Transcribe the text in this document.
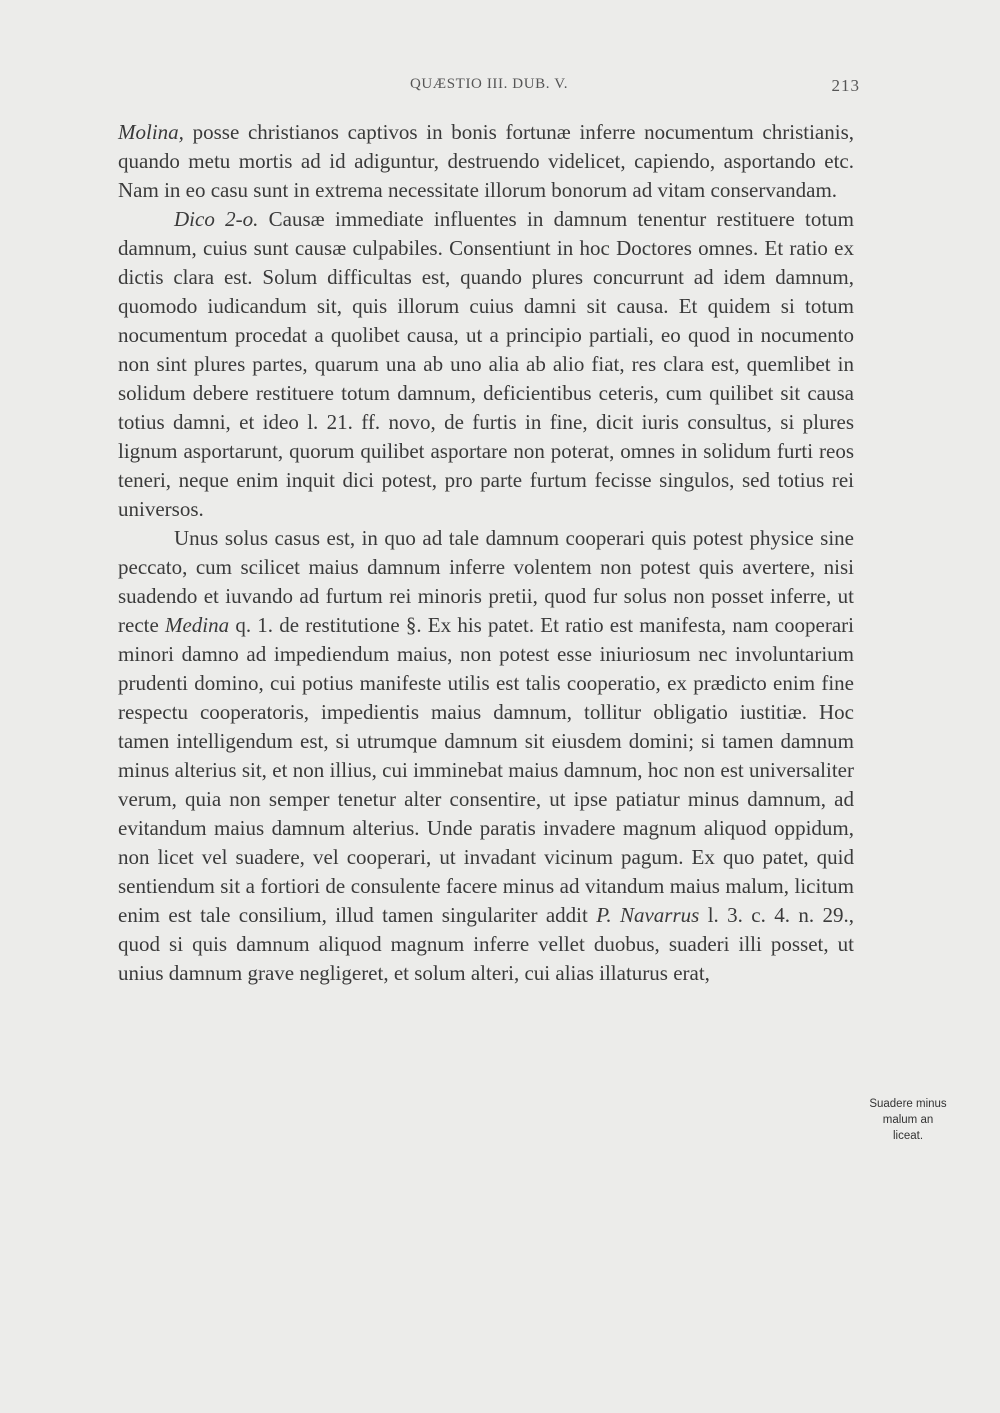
QUÆSTIO III. DUB. V.	213

Molina, posse christianos captivos in bonis fortunæ inferre nocumentum christianis, quando metu mortis ad id adiguntur, destruendo videlicet, capiendo, asportando etc. Nam in eo casu sunt in extrema necessitate illorum bonorum ad vitam conservandam.

Dico 2-o. Causæ immediate influentes in damnum tenentur restituere totum damnum, cuius sunt causæ culpabiles. Consentiunt in hoc Doctores omnes. Et ratio ex dictis clara est. Solum difficultas est, quando plures concurrunt ad idem damnum, quomodo iudicandum sit, quis illorum cuius damni sit causa. Et quidem si totum nocumentum procedat a quolibet causa, ut a principio partiali, eo quod in nocumento non sint plures partes, quarum una ab uno alia ab alio fiat, res clara est, quemlibet in solidum debere restituere totum damnum, deficientibus ceteris, cum quilibet sit causa totius damni, et ideo l. 21. ff. novo, de furtis in fine, dicit iuris consultus, si plures lignum asportarunt, quorum quilibet asportare non poterat, omnes in solidum furti reos teneri, neque enim inquit dici potest, pro parte furtum fecisse singulos, sed totius rei universos.

Unus solus casus est, in quo ad tale damnum cooperari quis potest physice sine peccato, cum scilicet maius damnum inferre volentem non potest quis avertere, nisi suadendo et iuvando ad furtum rei minoris pretii, quod fur solus non posset inferre, ut recte Medina q. 1. de restitutione §. Ex his patet. Et ratio est manifesta, nam cooperari minori damno ad impediendum maius, non potest esse iniuriosum nec involuntarium prudenti domino, cui potius manifeste utilis est talis cooperatio, ex prædicto enim fine respectu cooperatoris, impedientis maius damnum, tollitur obligatio iustitiæ. Hoc tamen intelligendum est, si utrumque damnum sit eiusdem domini; si tamen damnum minus alterius sit, et non illius, cui imminebat maius damnum, hoc non est universaliter verum, quia non semper tenetur alter consentire, ut ipse patiatur minus damnum, ad evitandum maius damnum alterius. Unde paratis invadere magnum aliquod oppidum, non licet vel suadere, vel cooperari, ut invadant vicinum pagum. Ex quo patet, quid sentiendum sit a fortiori de consulente facere minus ad vitandum maius malum, licitum enim est tale consilium, illud tamen singulariter addit P. Navarrus l. 3. c. 4. n. 29., quod si quis damnum aliquod magnum inferre vellet duobus, suaderi illi posset, ut unius damnum grave negligeret, et solum alteri, cui alias illaturus erat,

Suadere minus
malum an
liceat.
